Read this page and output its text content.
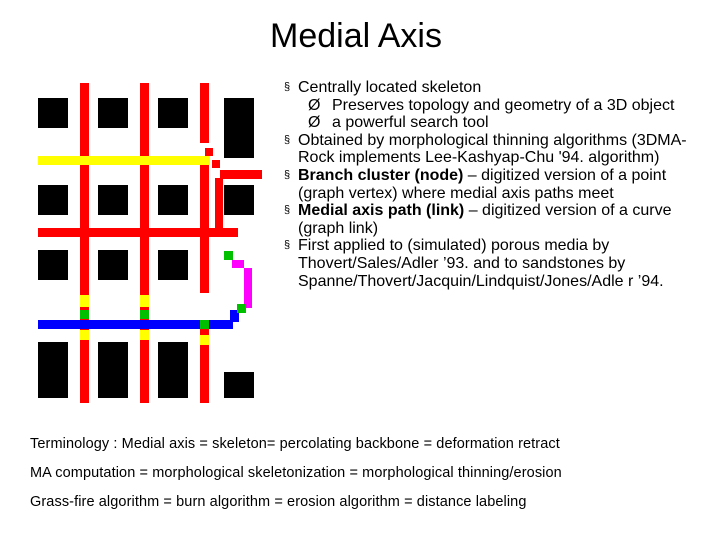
Medial Axis
§ Centrally located skeleton
Ø Preserves topology and geometry of a 3D object
Ø a powerful search tool
§ Obtained by morphological thinning algorithms (3DMA-Rock implements Lee-Kashyap-Chu '94. algorithm)
§ Branch cluster (node) – digitized version of a point (graph vertex) where medial axis paths meet
§ Medial axis path (link) – digitized version of a curve (graph link)
§ First applied to (simulated) porous media by Thovert/Sales/Adler ’93. and to sandstones by Spanne/Thovert/Jacquin/Lindquist/Jones/Adle r ’94.
Terminology : Medial axis = skeleton= percolating backbone = deformation retract
MA computation = morphological skeletonization = morphological thinning/erosion
Grass-fire algorithm = burn algorithm = erosion algorithm = distance labeling
